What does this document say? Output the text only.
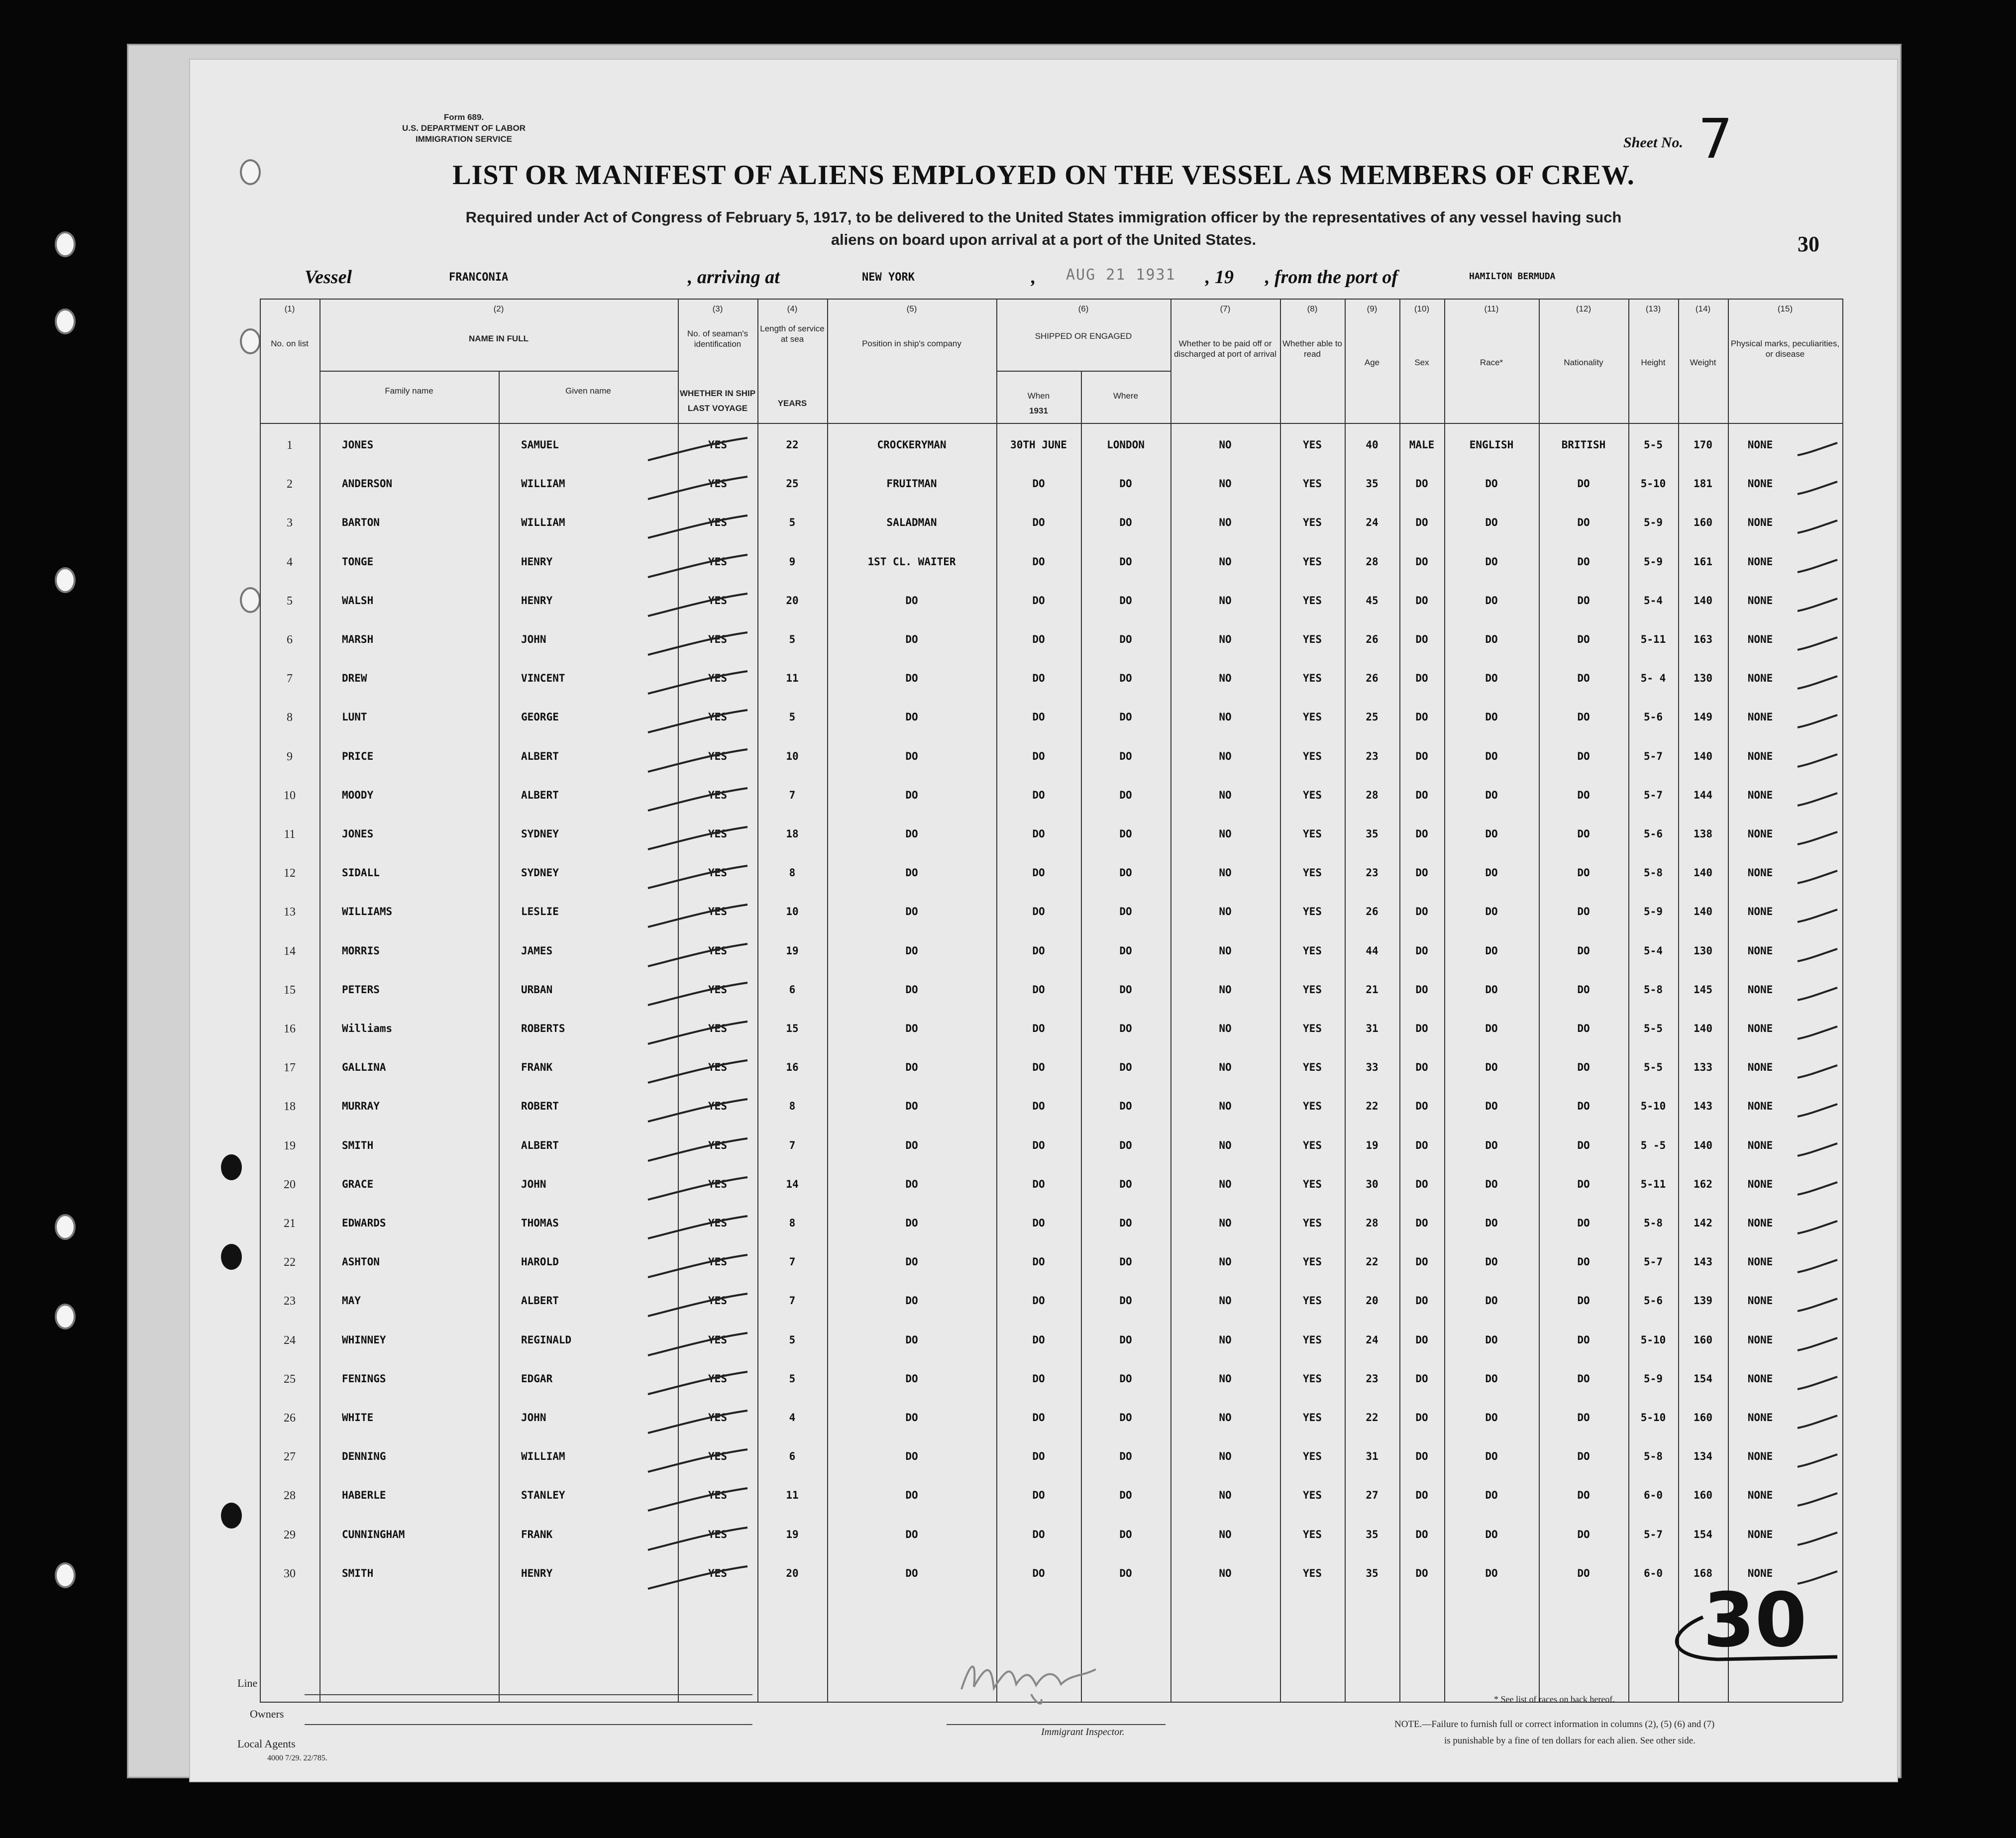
Form 689.
U.S. DEPARTMENT OF LABOR
IMMIGRATION SERVICE	Sheet No. 7
LIST OR MANIFEST OF ALIENS EMPLOYED ON THE VESSEL AS MEMBERS OF CREW.
Required under Act of Congress of February 5, 1917, to be delivered to the United States immigration officer by the representatives of any vessel having such
aliens on board upon arrival at a port of the United States.	30
Vessel	FRANCONIA	, arriving at	NEW YORK	, AUG 21 1931 , 19 , from the port of	HAMILTON BERMUDA
(1)	(2)	(3)	(4)	(5)	(6)	(7)	(8)	(9)	(10)	(11)	(12)	(13)	(14)	(15)
No. on list
NAME IN FULL
Family name	Given name
No. of seaman's identification
WHETHER IN SHIP
LAST VOYAGE
Length of service at sea
YEARS
Position in ship's company
SHIPPED OR ENGAGED
When	Where
1931
Whether to be paid off or discharged at port of arrival
Whether able to read
Age	Sex	Race*	Nationality	Height	Weight
Physical marks, peculiarities, or disease
1	JONES	SAMUEL	YES	22	CROCKERYMAN	30TH JUNE	LONDON	NO	YES	40	MALE	ENGLISH	BRITISH	5-5	170	NONE
2	ANDERSON	WILLIAM	YES	25	FRUITMAN	DO	DO	NO	YES	35	DO	DO	DO	5-10	181	NONE
3	BARTON	WILLIAM	YES	5	SALADMAN	DO	DO	NO	YES	24	DO	DO	DO	5-9	160	NONE
4	TONGE	HENRY	YES	9	1ST CL. WAITER	DO	DO	NO	YES	28	DO	DO	DO	5-9	161	NONE
5	WALSH	HENRY	YES	20	DO	DO	DO	NO	YES	45	DO	DO	DO	5-4	140	NONE
6	MARSH	JOHN	YES	5	DO	DO	DO	NO	YES	26	DO	DO	DO	5-11	163	NONE
7	DREW	VINCENT	YES	11	DO	DO	DO	NO	YES	26	DO	DO	DO	5- 4	130	NONE
8	LUNT	GEORGE	YES	5	DO	DO	DO	NO	YES	25	DO	DO	DO	5-6	149	NONE
9	PRICE	ALBERT	YES	10	DO	DO	DO	NO	YES	23	DO	DO	DO	5-7	140	NONE
10	MOODY	ALBERT	YES	7	DO	DO	DO	NO	YES	28	DO	DO	DO	5-7	144	NONE
11	JONES	SYDNEY	YES	18	DO	DO	DO	NO	YES	35	DO	DO	DO	5-6	138	NONE
12	SIDALL	SYDNEY	YES	8	DO	DO	DO	NO	YES	23	DO	DO	DO	5-8	140	NONE
13	WILLIAMS	LESLIE	YES	10	DO	DO	DO	NO	YES	26	DO	DO	DO	5-9	140	NONE
14	MORRIS	JAMES	YES	19	DO	DO	DO	NO	YES	44	DO	DO	DO	5-4	130	NONE
15	PETERS	URBAN	YES	6	DO	DO	DO	NO	YES	21	DO	DO	DO	5-8	145	NONE
16	Williams	ROBERTS	YES	15	DO	DO	DO	NO	YES	31	DO	DO	DO	5-5	140	NONE
17	GALLINA	FRANK	YES	16	DO	DO	DO	NO	YES	33	DO	DO	DO	5-5	133	NONE
18	MURRAY	ROBERT	YES	8	DO	DO	DO	NO	YES	22	DO	DO	DO	5-10	143	NONE
19	SMITH	ALBERT	YES	7	DO	DO	DO	NO	YES	19	DO	DO	DO	5 -5	140	NONE
20	GRACE	JOHN	YES	14	DO	DO	DO	NO	YES	30	DO	DO	DO	5-11	162	NONE
21	EDWARDS	THOMAS	YES	8	DO	DO	DO	NO	YES	28	DO	DO	DO	5-8	142	NONE
22	ASHTON	HAROLD	YES	7	DO	DO	DO	NO	YES	22	DO	DO	DO	5-7	143	NONE
23	MAY	ALBERT	YES	7	DO	DO	DO	NO	YES	20	DO	DO	DO	5-6	139	NONE
24	WHINNEY	REGINALD	YES	5	DO	DO	DO	NO	YES	24	DO	DO	DO	5-10	160	NONE
25	FENINGS	EDGAR	YES	5	DO	DO	DO	NO	YES	23	DO	DO	DO	5-9	154	NONE
26	WHITE	JOHN	YES	4	DO	DO	DO	NO	YES	22	DO	DO	DO	5-10	160	NONE
27	DENNING	WILLIAM	YES	6	DO	DO	DO	NO	YES	31	DO	DO	DO	5-8	134	NONE
28	HABERLE	STANLEY	YES	11	DO	DO	DO	NO	YES	27	DO	DO	DO	6-0	160	NONE
29	CUNNINGHAM	FRANK	YES	19	DO	DO	DO	NO	YES	35	DO	DO	DO	5-7	154	NONE
30	SMITH	HENRY	YES	20	DO	DO	DO	NO	YES	35	DO	DO	DO	6-0	168	NONE
Line
Owners
Local Agents
4000 7/29. 22/785.
Immigrant Inspector.
* See list of races on back hereof.
NOTE.—Failure to furnish full or correct information in columns (2), (5) (6) and (7)
is punishable by a fine of ten dollars for each alien. See other side.
30
